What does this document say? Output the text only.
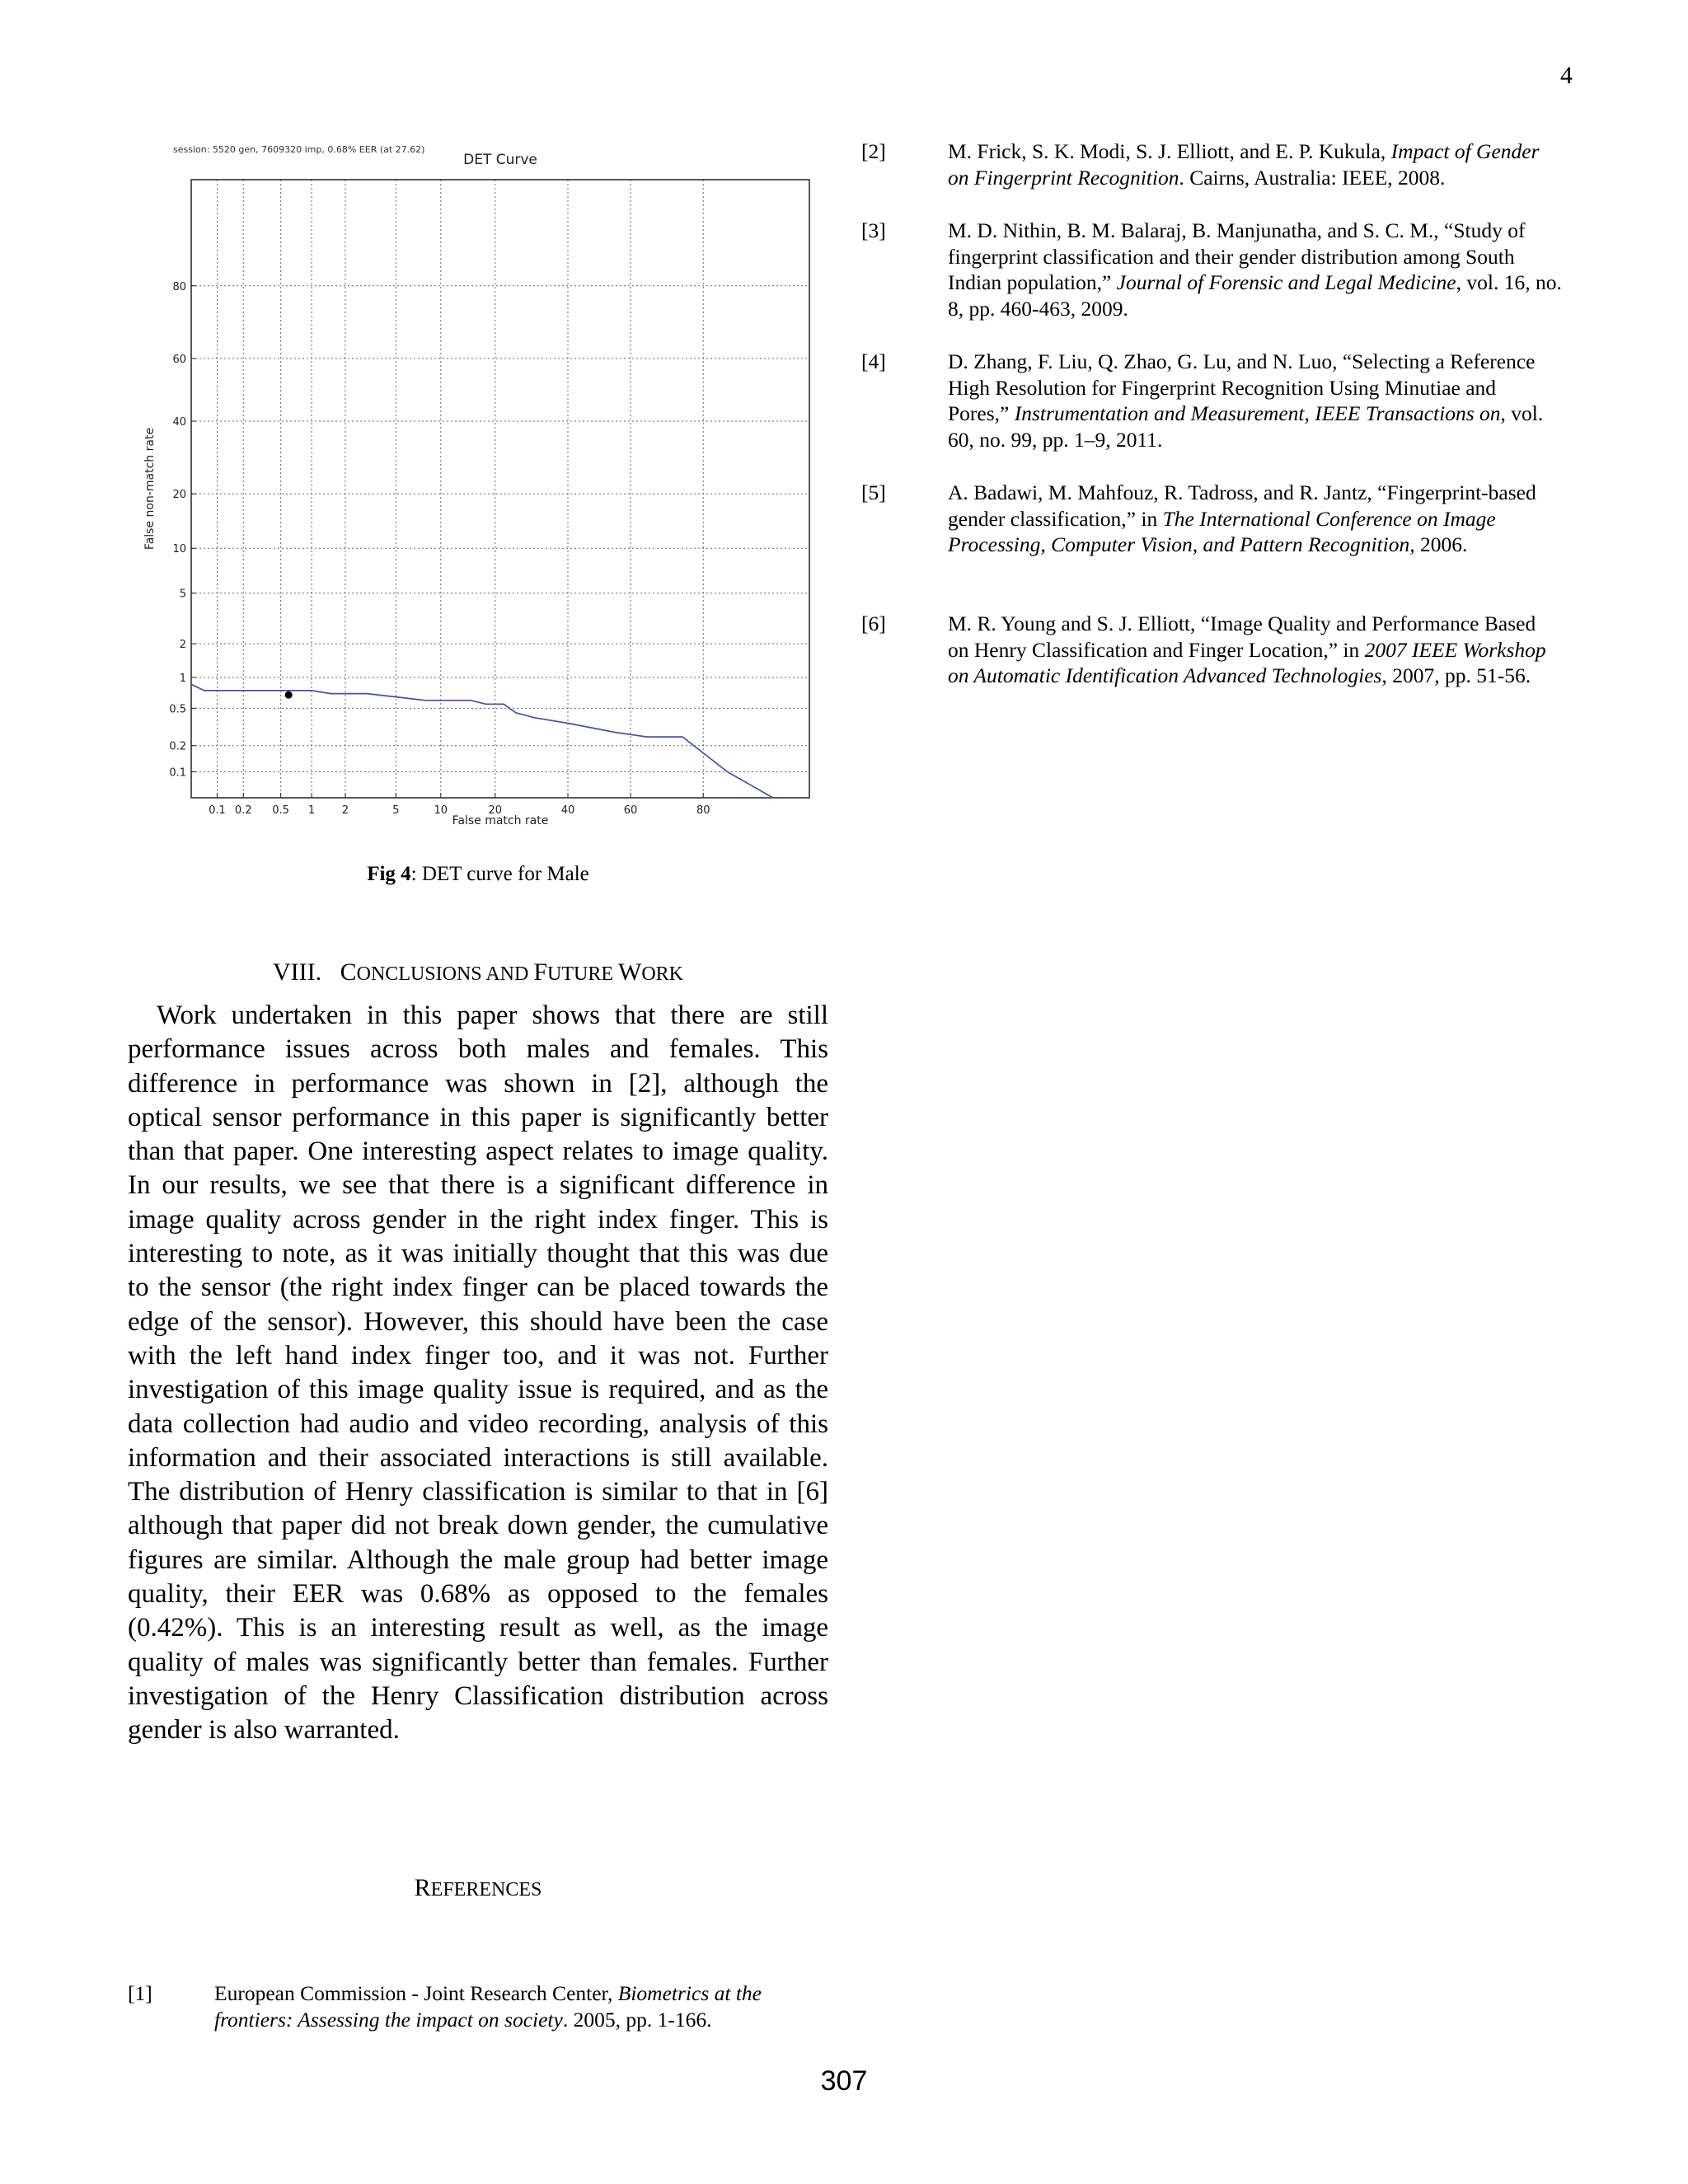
4
session: 5520 gen, 7609320 imp, 0.68% EER (at 27.62)
DET Curve
0.1 0.2 0.5 1	2	5	10	20	40	60	80
0.1
0.2
0.5
1
2
5
10
20
40
60
80
False match rate
False non-match rate
Fig 4: DET curve for Male
VIII. CONCLUSIONS AND FUTURE WORK
Work undertaken in this paper shows that there are still performance issues across both males and females. This difference in performance was shown in [2], although the optical sensor performance in this paper is significantly better than that paper. One interesting aspect relates to image quality. In our results, we see that there is a significant difference in image quality across gender in the right index finger. This is interesting to note, as it was initially thought that this was due to the sensor (the right index finger can be placed towards the edge of the sensor). However, this should have been the case with the left hand index finger too, and it was not. Further investigation of this image quality issue is required, and as the data collection had audio and video recording, analysis of this information and their associated interactions is still available. The distribution of Henry classification is similar to that in [6] although that paper did not break down gender, the cumulative figures are similar. Although the male group had better image quality, their EER was 0.68% as opposed to the females (0.42%). This is an interesting result as well, as the image quality of males was significantly better than females. Further investigation of the Henry Classification distribution across gender is also warranted.
REFERENCES
[1]	European Commission - Joint Research Center, Biometrics at the frontiers: Assessing the impact on society. 2005, pp. 1-166.
[2]	M. Frick, S. K. Modi, S. J. Elliott, and E. P. Kukula, Impact of Gender on Fingerprint Recognition. Cairns, Australia: IEEE, 2008.
[3]	M. D. Nithin, B. M. Balaraj, B. Manjunatha, and S. C. M., “Study of fingerprint classification and their gender distribution among South Indian population,” Journal of Forensic and Legal Medicine, vol. 16, no. 8, pp. 460-463, 2009.
[4]	D. Zhang, F. Liu, Q. Zhao, G. Lu, and N. Luo, “Selecting a Reference High Resolution for Fingerprint Recognition Using Minutiae and Pores,” Instrumentation and Measurement, IEEE Transactions on, vol. 60, no. 99, pp. 1–9, 2011.
[5]	A. Badawi, M. Mahfouz, R. Tadross, and R. Jantz, “Fingerprint-based gender classification,” in The International Conference on Image Processing, Computer Vision, and Pattern Recognition, 2006.
[6]	M. R. Young and S. J. Elliott, “Image Quality and Performance Based on Henry Classification and Finger Location,” in 2007 IEEE Workshop on Automatic Identification Advanced Technologies, 2007, pp. 51-56.
307
